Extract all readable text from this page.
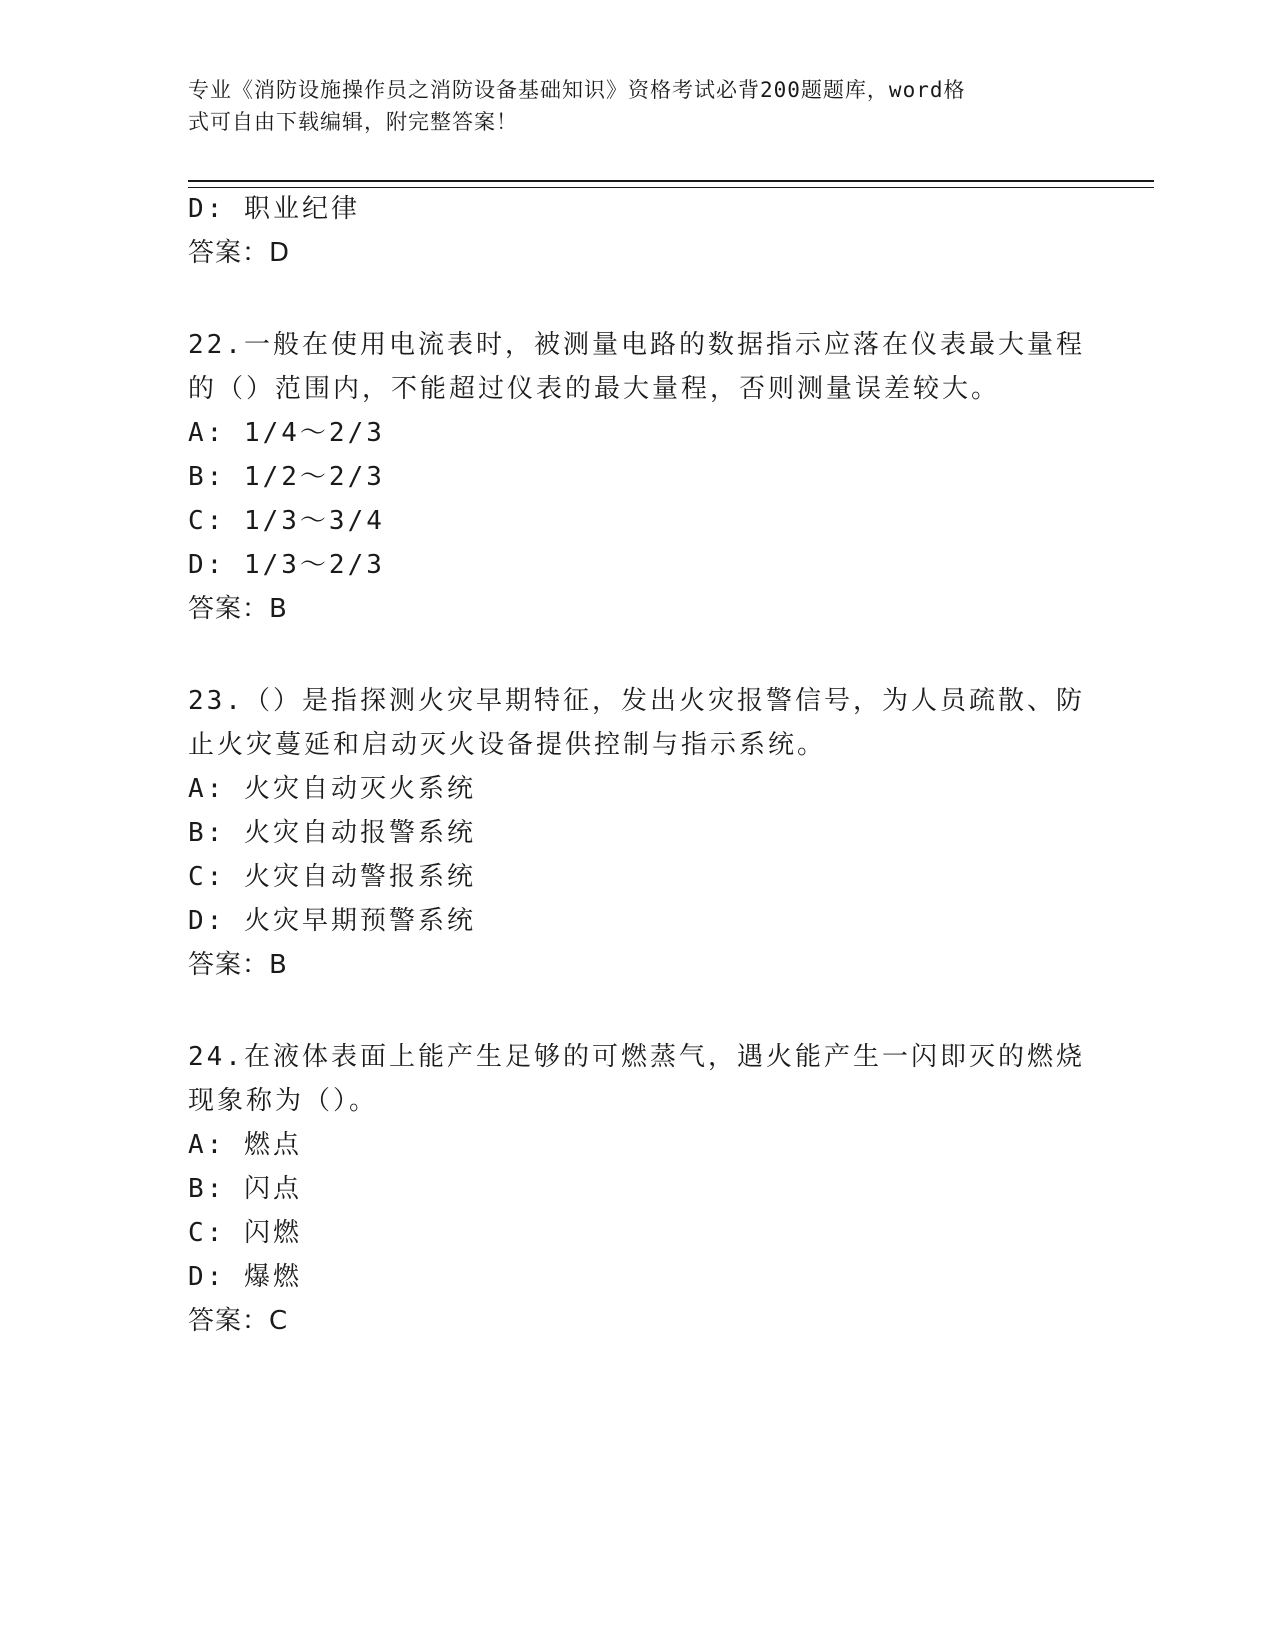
专业《消防设施操作员之消防设备基础知识》资格考试必背200题题库，word格
式可自由下载编辑，附完整答案！
D: 职业纪律
答案：D
22.一般在使用电流表时，被测量电路的数据指示应落在仪表最大量程
的（）范围内，不能超过仪表的最大量程，否则测量误差较大。
A: 1/4～2/3
B: 1/2～2/3
C: 1/3～3/4
D: 1/3～2/3
答案：B
23.（）是指探测火灾早期特征，发出火灾报警信号，为人员疏散、防
止火灾蔓延和启动灭火设备提供控制与指示系统。
A: 火灾自动灭火系统
B: 火灾自动报警系统
C: 火灾自动警报系统
D: 火灾早期预警系统
答案：B
24.在液体表面上能产生足够的可燃蒸气，遇火能产生一闪即灭的燃烧
现象称为（）。
A: 燃点
B: 闪点
C: 闪燃
D: 爆燃
答案：C
